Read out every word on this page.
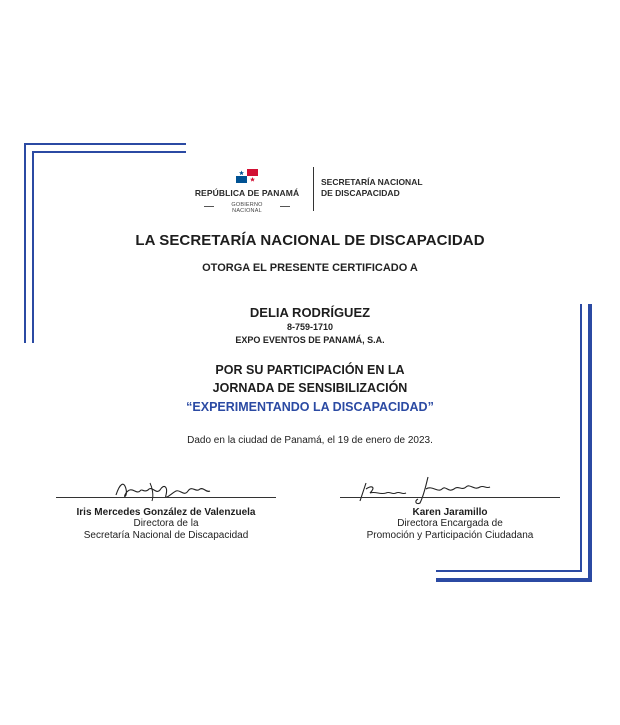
REPÚBLICA DE PANAMÁ
GOBIERNO NACIONAL
SECRETARÍA NACIONAL
DE DISCAPACIDAD
LA SECRETARÍA NACIONAL DE DISCAPACIDAD
OTORGA EL PRESENTE CERTIFICADO A
DELIA RODRÍGUEZ
8-759-1710
EXPO EVENTOS DE PANAMÁ, S.A.
POR SU PARTICIPACIÓN EN LA
JORNADA DE SENSIBILIZACIÓN
“EXPERIMENTANDO LA DISCAPACIDAD”
Dado en la ciudad de Panamá, el 19 de enero de 2023.
Iris Mercedes González de Valenzuela
Directora de la
Secretaría Nacional de Discapacidad
Karen Jaramillo
Directora Encargada de
Promoción y Participación Ciudadana
